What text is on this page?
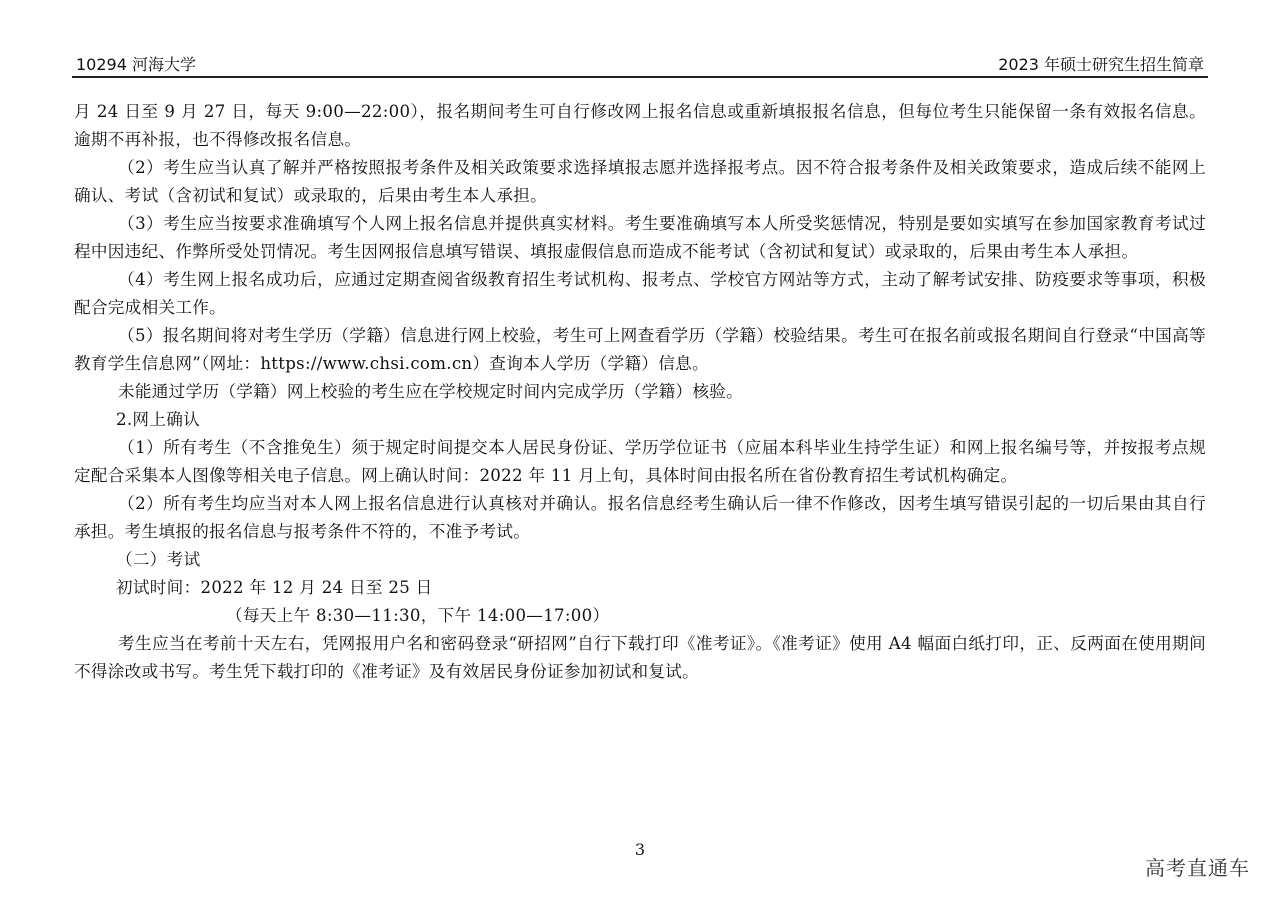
10294 河海大学	2023 年硕士研究生招生简章

月 24 日至 9 月 27 日，每天 9:00—22:00），报名期间考生可自行修改网上报名信息或重新填报报名信息，但每位考生只能保留一条有效报名信息。逾期不再补报，也不得修改报名信息。

（2）考生应当认真了解并严格按照报考条件及相关政策要求选择填报志愿并选择报考点。因不符合报考条件及相关政策要求，造成后续不能网上确认、考试（含初试和复试）或录取的，后果由考生本人承担。

（3）考生应当按要求准确填写个人网上报名信息并提供真实材料。考生要准确填写本人所受奖惩情况，特别是要如实填写在参加国家教育考试过程中因违纪、作弊所受处罚情况。考生因网报信息填写错误、填报虚假信息而造成不能考试（含初试和复试）或录取的，后果由考生本人承担。

（4）考生网上报名成功后，应通过定期查阅省级教育招生考试机构、报考点、学校官方网站等方式，主动了解考试安排、防疫要求等事项，积极配合完成相关工作。

（5）报名期间将对考生学历（学籍）信息进行网上校验，考生可上网查看学历（学籍）校验结果。考生可在报名前或报名期间自行登录“中国高等教育学生信息网”（网址：https://www.chsi.com.cn）查询本人学历（学籍）信息。

未能通过学历（学籍）网上校验的考生应在学校规定时间内完成学历（学籍）核验。

2.网上确认

（1）所有考生（不含推免生）须于规定时间提交本人居民身份证、学历学位证书（应届本科毕业生持学生证）和网上报名编号等，并按报考点规定配合采集本人图像等相关电子信息。网上确认时间：2022 年 11 月上旬，具体时间由报名所在省份教育招生考试机构确定。

（2）所有考生均应当对本人网上报名信息进行认真核对并确认。报名信息经考生确认后一律不作修改，因考生填写错误引起的一切后果由其自行承担。考生填报的报名信息与报考条件不符的，不准予考试。

（二）考试

初试时间：2022 年 12 月 24 日至 25 日

（每天上午 8:30—11:30，下午 14:00—17:00）

考生应当在考前十天左右，凭网报用户名和密码登录“研招网”自行下载打印《准考证》。《准考证》使用 A4 幅面白纸打印，正、反两面在使用期间不得涂改或书写。考生凭下载打印的《准考证》及有效居民身份证参加初试和复试。

3
高考直通车
